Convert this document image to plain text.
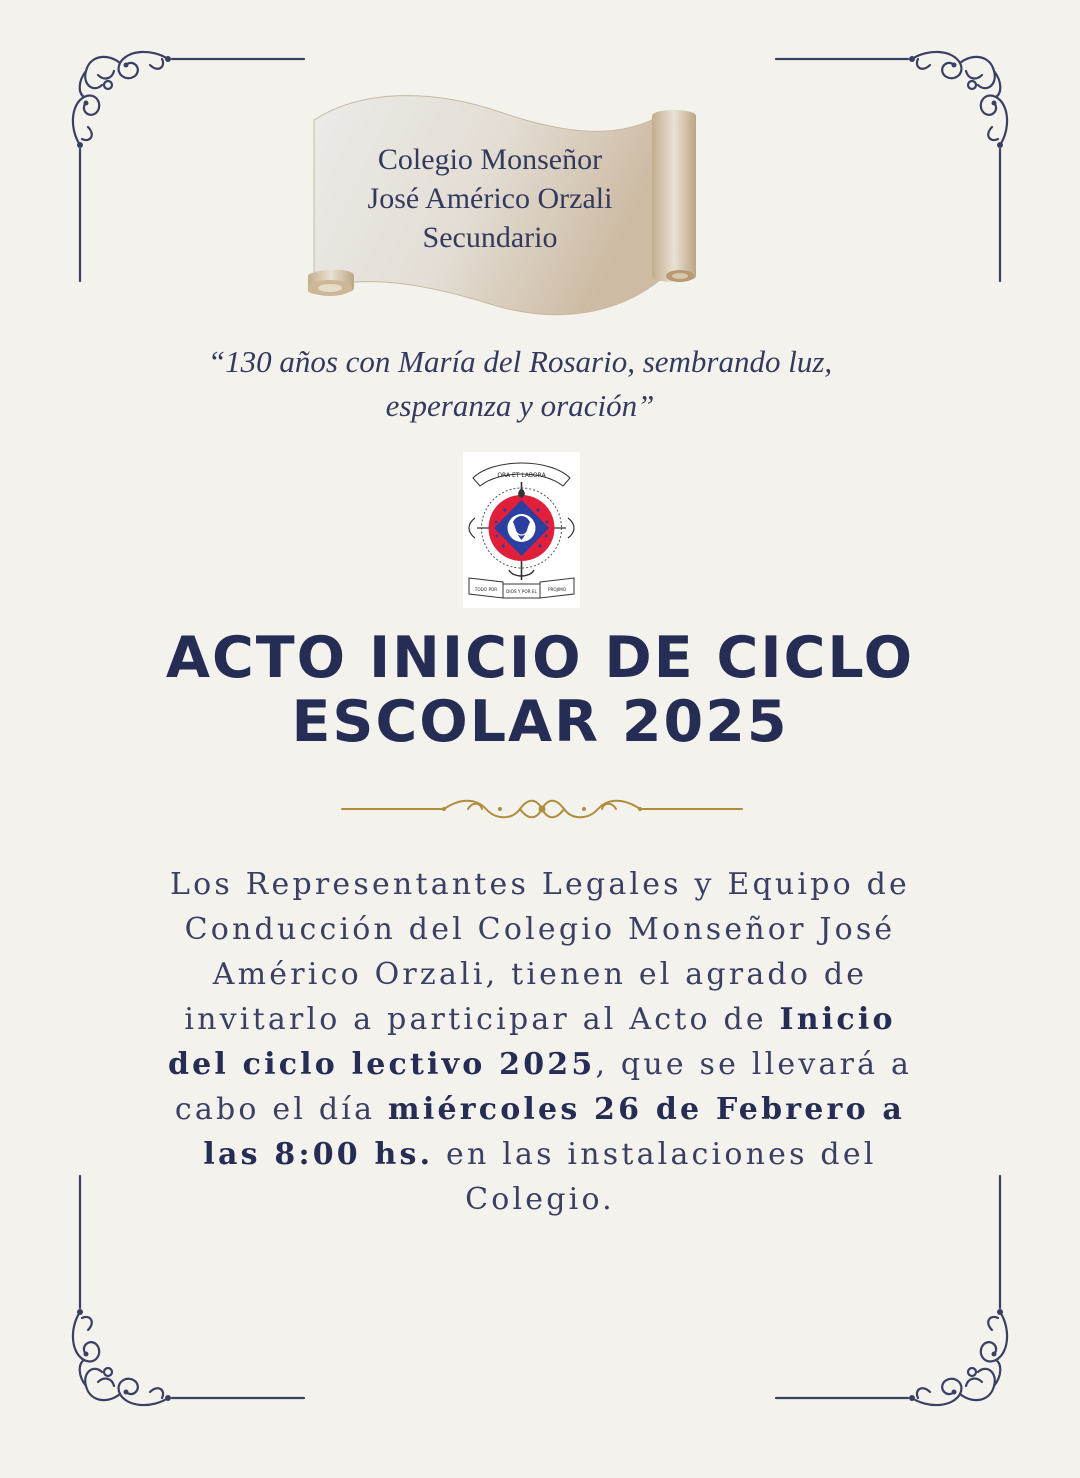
Colegio Monseñor
José Américo Orzali
Secundario
“130 años con María del Rosario, sembrando luz,
esperanza y oración”
ORA ET LABORA
TODO POR DIOS Y POR EL	PROJIMO
ACTO INICIO DE CICLO
ESCOLAR 2025
Los Representantes Legales y Equipo de
Conducción del Colegio Monseñor José
Américo Orzali, tienen el agrado de
invitarlo a participar al Acto de Inicio
del ciclo lectivo 2025, que se llevará a
cabo el día miércoles 26 de Febrero a
las 8:00 hs. en las instalaciones del
Colegio.
